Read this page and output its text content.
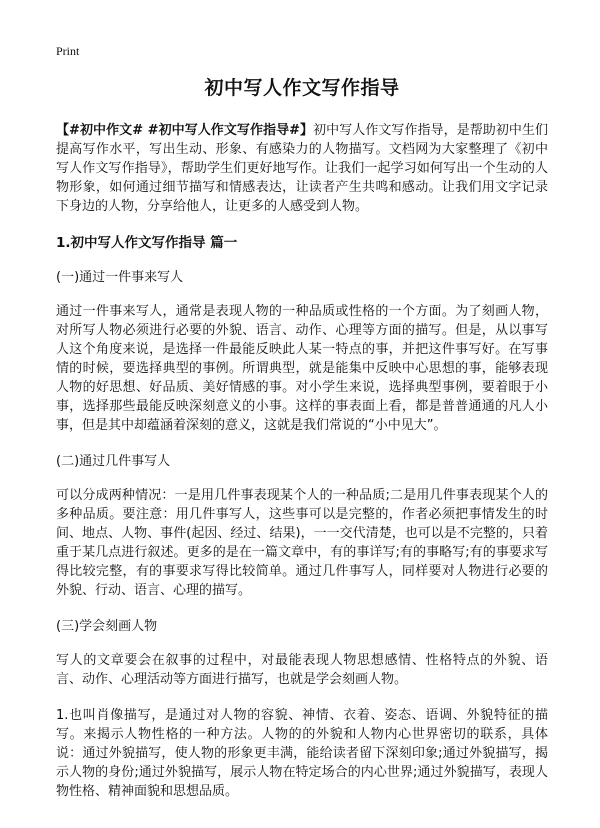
Print
初中写人作文写作指导

【#初中作文# #初中写人作文写作指导#】初中写人作文写作指导，是帮助初中生们提高写作水平，写出生动、形象、有感染力的人物描写。文档网为大家整理了《初中写人作文写作指导》，帮助学生们更好地写作。让我们一起学习如何写出一个生动的人物形象，如何通过细节描写和情感表达，让读者产生共鸣和感动。让我们用文字记录下身边的人物，分享给他人，让更多的人感受到人物。

1.初中写人作文写作指导 篇一
(一)通过一件事来写人

通过一件事来写人，通常是表现人物的一种品质或性格的一个方面。为了刻画人物，对所写人物必须进行必要的外貌、语言、动作、心理等方面的描写。但是，从以事写人这个角度来说，是选择一件最能反映此人某一特点的事，并把这件事写好。在写事情的时候，要选择典型的事例。所谓典型，就是能集中反映中心思想的事，能够表现人物的好思想、好品质、美好情感的事。对小学生来说，选择典型事例，要着眼于小事，选择那些最能反映深刻意义的小事。这样的事表面上看，都是普普通通的凡人小事，但是其中却蕴涵着深刻的意义，这就是我们常说的“小中见大”。

(二)通过几件事写人

可以分成两种情况：一是用几件事表现某个人的一种品质;二是用几件事表现某个人的多种品质。要注意：用几件事写人，这些事可以是完整的，作者必须把事情发生的时间、地点、人物、事件(起因、经过、结果)，一一交代清楚，也可以是不完整的，只着重于某几点进行叙述。更多的是在一篇文章中，有的事详写;有的事略写;有的事要求写得比较完整，有的事要求写得比较简单。通过几件事写人，同样要对人物进行必要的外貌、行动、语言、心理的描写。

(三)学会刻画人物

写人的文章要会在叙事的过程中，对最能表现人物思想感情、性格特点的外貌、语言、动作、心理活动等方面进行描写，也就是学会刻画人物。

1.也叫肖像描写，是通过对人物的容貌、神情、衣着、姿态、语调、外貌特征的描写。来揭示人物性格的一种方法。人物的的外貌和人物内心世界密切的联系，具体说：通过外貌描写，使人物的形象更丰满，能给读者留下深刻印象;通过外貌描写，揭示人物的身份;通过外貌描写，展示人物在特定场合的内心世界;通过外貌描写，表现人物性格、精神面貌和思想品质。
